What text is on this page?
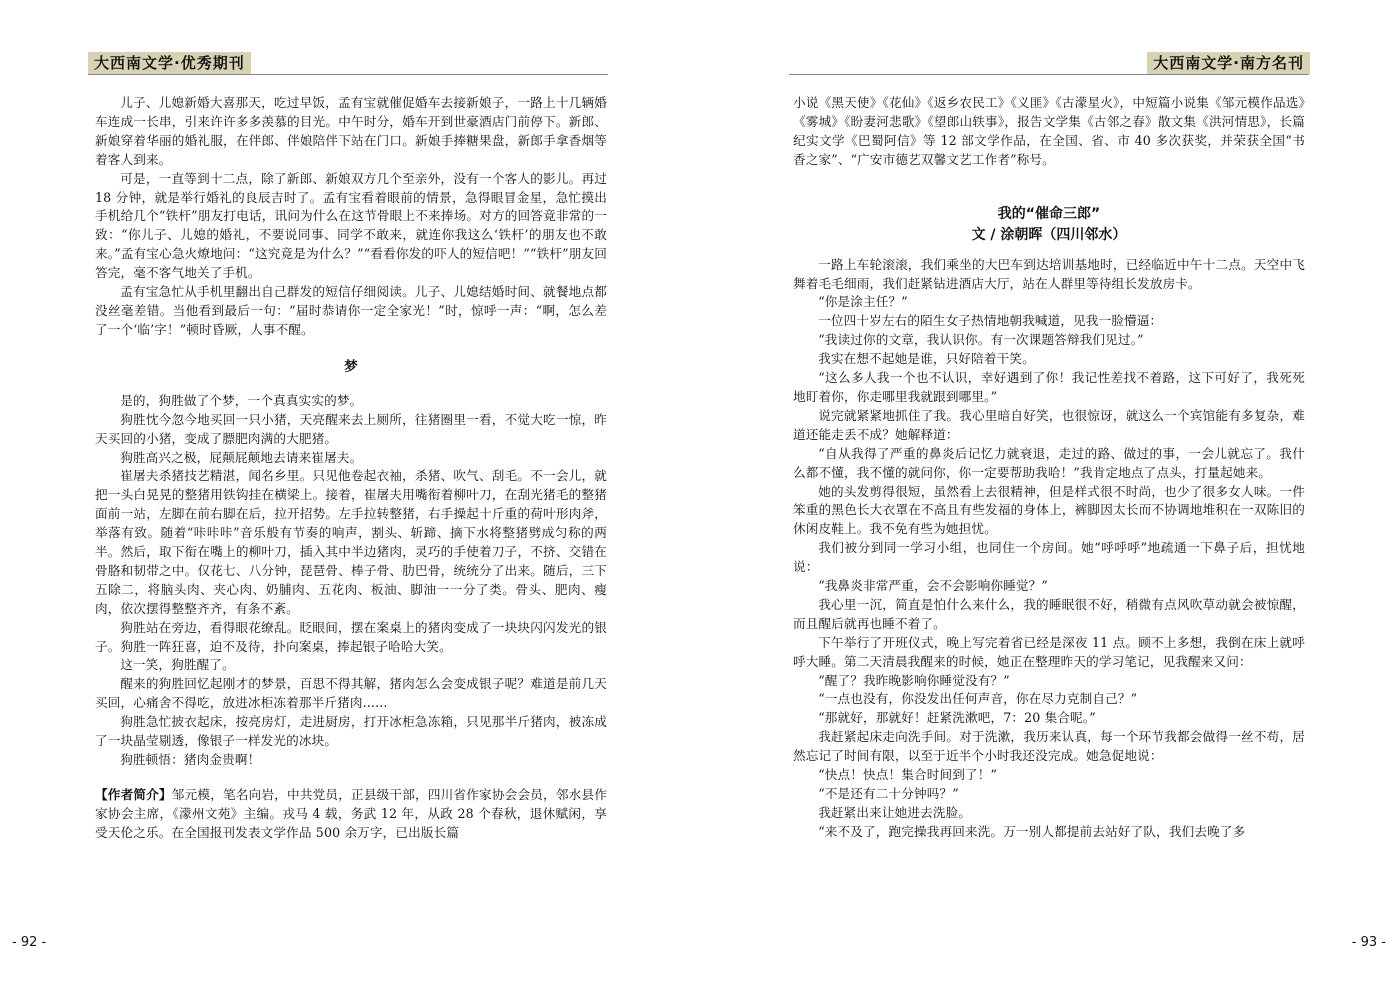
大西南文学·优秀期刊

儿子、儿媳新婚大喜那天，吃过早饭，孟有宝就催促婚车去接新娘子，一路上十几辆婚车连成一长串，引来许许多多羡慕的目光。中午时分，婚车开到世豪酒店门前停下。新郎、新娘穿着华丽的婚礼服，在伴郎、伴娘陪伴下站在门口。新娘手捧糖果盘，新郎手拿香烟等着客人到来。

可是，一直等到十二点，除了新郎、新娘双方几个至亲外，没有一个客人的影儿。再过 18 分钟，就是举行婚礼的良辰吉时了。孟有宝看着眼前的情景，急得眼冒金星，急忙摸出手机给几个“铁杆”朋友打电话，讯问为什么在这节骨眼上不来捧场。对方的回答竟非常的一致：“你儿子、儿媳的婚礼，不要说同事、同学不敢来，就连你我这么‘铁杆’的朋友也不敢来。”孟有宝心急火燎地问：“这究竟是为什么？”“看看你发的吓人的短信吧！”“铁杆”朋友回答完，毫不客气地关了手机。

孟有宝急忙从手机里翻出自己群发的短信仔细阅读。儿子、儿媳结婚时间、就餐地点都没丝毫差错。当他看到最后一句：“届时恭请你一定全家光！”时，惊呼一声：“啊，怎么差了一个‘临’字！”顿时昏厥，人事不醒。

梦

是的，狗胜做了个梦，一个真真实实的梦。

狗胜忱今忽今地买回一只小猪，天亮醒来去上厕所，往猪圈里一看，不觉大吃一惊，昨天买回的小猪，变成了膘肥肉满的大肥猪。

狗胜高兴之极，屁颠屁颠地去请来崔屠夫。

崔屠夫杀猪技艺精湛，闻名乡里。只见他卷起衣袖，杀猪、吹气、刮毛。不一会儿，就把一头白晃晃的整猪用铁钩挂在横梁上。接着，崔屠夫用嘴衔着柳叶刀，在刮光猪毛的整猪面前一站，左脚在前右脚在后，拉开招势。左手拉转整猪，右手操起十斤重的荷叶形肉斧，举落有致。随着“咔咔咔”音乐般有节奏的响声，割头、斩蹄、摘下水将整猪劈成匀称的两半。然后，取下衔在嘴上的柳叶刀，插入其中半边猪肉，灵巧的手使着刀子，不挤、交错在骨胳和韧带之中。仅花七、八分钟，琵琶骨、棒子骨、肋巴骨，统统分了出来。随后，三下五除二，将脑头肉、夹心肉、奶脯肉、五花肉、板油、脚油一一分了类。骨头、肥肉、瘦肉，依次摆得整整齐齐，有条不紊。

狗胜站在旁边，看得眼花缭乱。眨眼间，摆在案桌上的猪肉变成了一块块闪闪发光的银子。狗胜一阵狂喜，迫不及待，扑向案桌，捧起银子哈哈大笑。

这一笑，狗胜醒了。

醒来的狗胜回忆起刚才的梦景，百思不得其解，猪肉怎么会变成银子呢？难道是前几天买回，心痛舍不得吃，放进冰柜冻着那半斤猪肉......

狗胜急忙披衣起床，按亮房灯，走进厨房，打开冰柜急冻箱，只见那半斤猪肉，被冻成了一块晶莹剔透，像银子一样发光的冰块。

狗胜顿悟：猪肉金贵啊！

【作者简介】邹元模，笔名向岩，中共党员，正县级干部，四川省作家协会会员，邻水县作家协会主席，《濛州文苑》主编。戎马 4 载，务武 12 年，从政 28 个春秋，退休赋闲，享受天伦之乐。在全国报刊发表文学作品 500 余万字，已出版长篇

- 92 -
大西南文学·南方名刊

小说《黑天使》《花仙》《返乡农民工》《义匪》《古濛星火》，中短篇小说集《邹元模作品选》《雾城》《盼妻河悲歌》《望郎山轶事》，报告文学集《古邻之春》散文集《洪河情思》，长篇纪实文学《巴蜀阿信》等 12 部文学作品，在全国、省、市 40 多次获奖，并荣获全国“书香之家”、“广安市德艺双馨文艺工作者”称号。

我的“催命三郎”
文 / 涂朝晖（四川邻水）

一路上车轮滚滚，我们乘坐的大巴车到达培训基地时，已经临近中午十二点。天空中飞舞着毛毛细雨，我们赶紧钻进酒店大厅，站在人群里等待组长发放房卡。

“你是涂主任？”

一位四十岁左右的陌生女子热情地朝我喊道，见我一脸懵逼：

“我读过你的文章，我认识你。有一次课题答辩我们见过。”

我实在想不起她是谁，只好陪着干笑。

“这么多人我一个也不认识，幸好遇到了你！我记性差找不着路，这下可好了，我死死地盯着你，你走哪里我就跟到哪里。”

说完就紧紧地抓住了我。我心里暗自好笑，也很惊讶，就这么一个宾馆能有多复杂，难道还能走丢不成？她解释道：

“自从我得了严重的鼻炎后记忆力就衰退，走过的路、做过的事，一会儿就忘了。我什么都不懂，我不懂的就问你，你一定要帮助我哈！”我肯定地点了点头，打量起她来。

她的头发剪得很短，虽然看上去很精神，但是样式很不时尚，也少了很多女人味。一件笨重的黑色长大衣罩在不高且有些发福的身体上，裤脚因太长而不协调地堆积在一双陈旧的休闲皮鞋上。我不免有些为她担忧。

我们被分到同一学习小组，也同住一个房间。她“呼呼呼”地疏通一下鼻子后，担忧地说：

“我鼻炎非常严重，会不会影响你睡觉？”

我心里一沉，简直是怕什么来什么，我的睡眠很不好，稍微有点风吹草动就会被惊醒，而且醒后就再也睡不着了。

下午举行了开班仪式，晚上写完着省已经是深夜 11 点。顾不上多想，我倒在床上就呼呼大睡。第二天清晨我醒来的时候，她正在整理昨天的学习笔记，见我醒来又问：

“醒了？我昨晚影响你睡觉没有？”

“一点也没有，你没发出任何声音，你在尽力克制自己？”

“那就好，那就好！赶紧洗漱吧，7：20 集合呢。”

我赶紧起床走向洗手间。对于洗漱，我历来认真，每一个环节我都会做得一丝不苟，居然忘记了时间有限，以至于近半个小时我还没完成。她急促地说：

“快点！快点！集合时间到了！”

“不是还有二十分钟吗？”

我赶紧出来让她进去洗脸。

“来不及了，跑完操我再回来洗。万一别人都提前去站好了队，我们去晚了多

- 93 -
